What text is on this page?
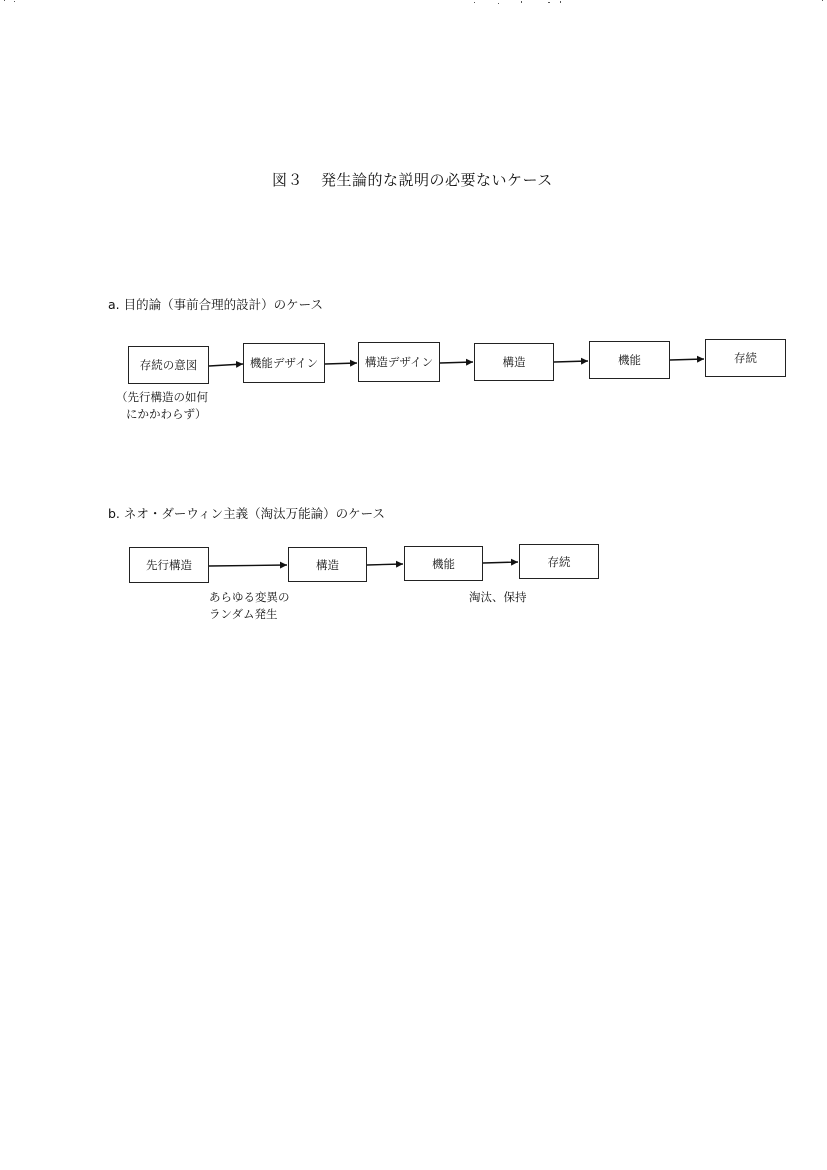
図３ 発生論的な説明の必要ないケース
a. 目的論（事前合理的設計）のケース
存続の意図	機能デザイン	構造デザイン	構造	機能	存続
（先行構造の如何
にかかわらず）
b. ネオ・ダーウィン主義（淘汰万能論）のケース
先行構造	構造	機能	存続
あらゆる変異の
ランダム発生
淘汰、保持
